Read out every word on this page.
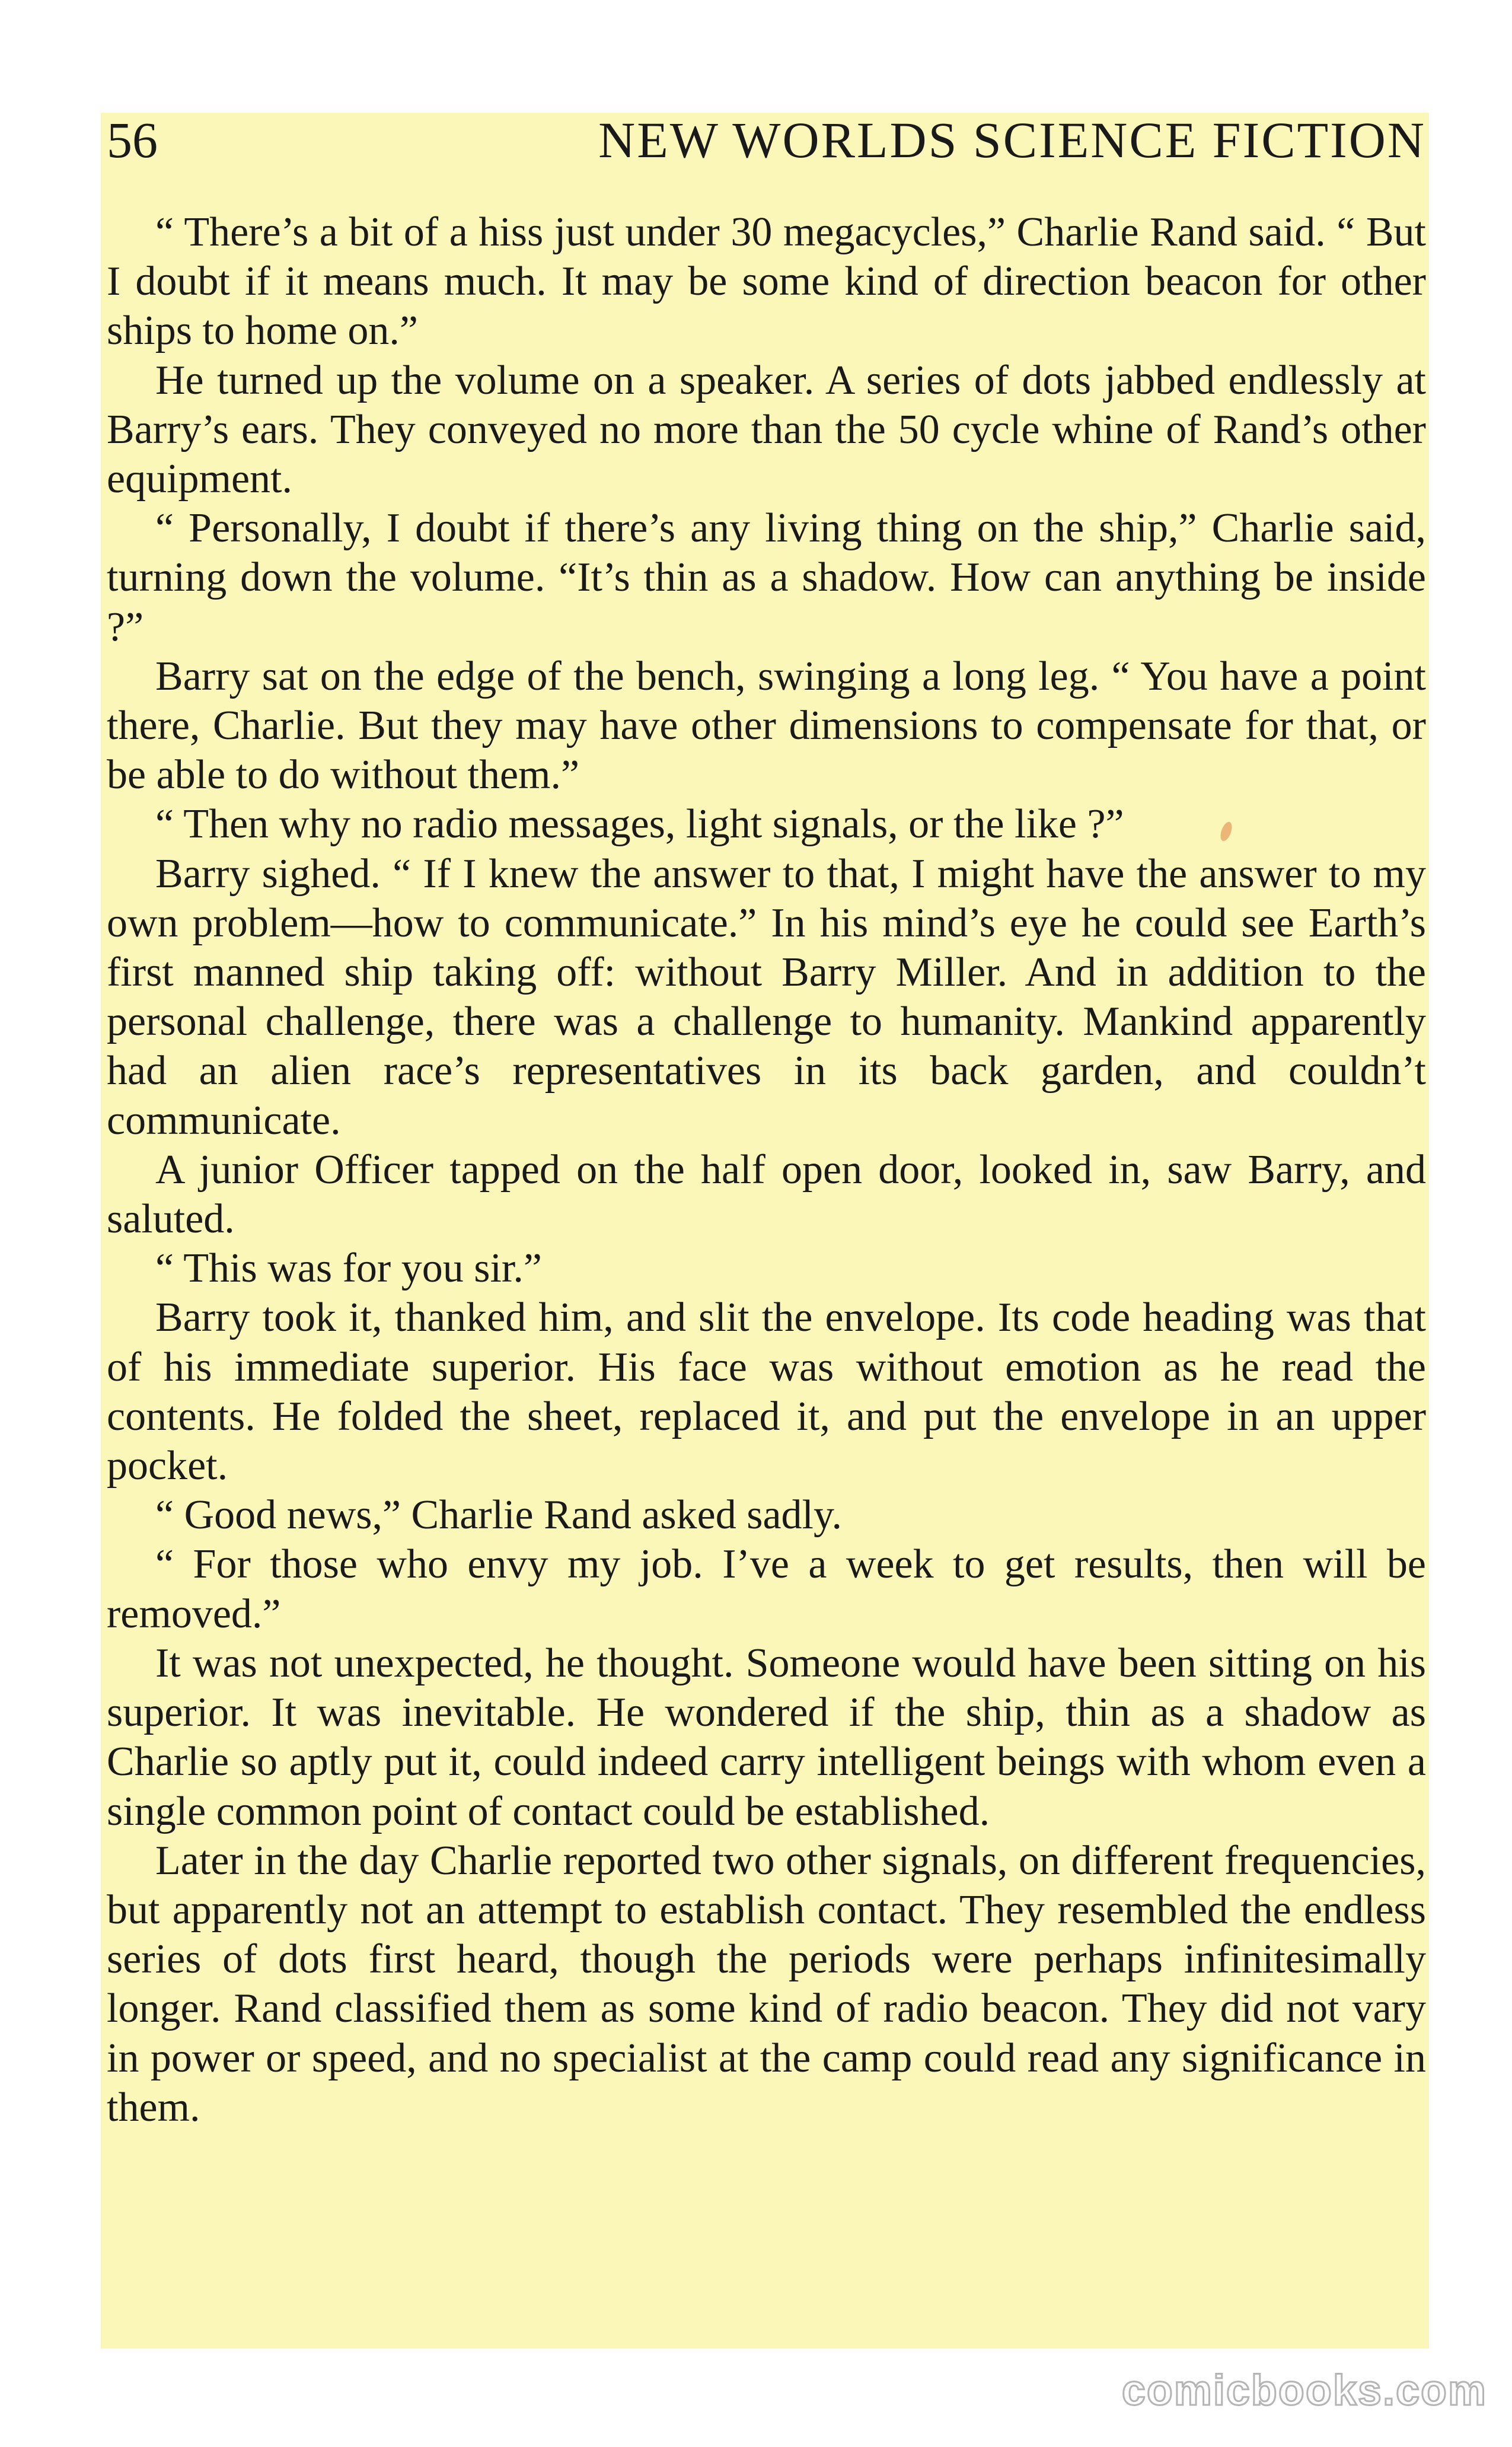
56	NEW WORLDS SCIENCE FICTION

“ There’s a bit of a hiss just under 30 megacycles,” Charlie Rand said. “ But I doubt if it means much. It may be some kind of direction beacon for other ships to home on.”

He turned up the volume on a speaker. A series of dots jabbed endlessly at Barry’s ears. They conveyed no more than the 50 cycle whine of Rand’s other equipment.

“ Personally, I doubt if there’s any living thing on the ship,” Charlie said, turning down the volume. “It’s thin as a shadow. How can anything be inside ?”

Barry sat on the edge of the bench, swinging a long leg. “ You have a point there, Charlie. But they may have other dimensions to compensate for that, or be able to do without them.”

“ Then why no radio messages, light signals, or the like ?”

Barry sighed. “ If I knew the answer to that, I might have the answer to my own problem—how to communicate.” In his mind’s eye he could see Earth’s first manned ship taking off: without Barry Miller. And in addition to the personal challenge, there was a challenge to humanity. Mankind apparently had an alien race’s representatives in its back garden, and couldn’t communicate.

A junior Officer tapped on the half open door, looked in, saw Barry, and saluted.

“ This was for you sir.”

Barry took it, thanked him, and slit the envelope. Its code heading was that of his immediate superior. His face was without emotion as he read the contents. He folded the sheet, replaced it, and put the envelope in an upper pocket.

“ Good news,” Charlie Rand asked sadly.

“ For those who envy my job. I’ve a week to get results, then will be removed.”

It was not unexpected, he thought. Someone would have been sitting on his superior. It was inevitable. He wondered if the ship, thin as a shadow as Charlie so aptly put it, could indeed carry intelligent beings with whom even a single common point of contact could be established.

Later in the day Charlie reported two other signals, on different frequencies, but apparently not an attempt to establish contact. They resembled the endless series of dots first heard, though the periods were perhaps infinitesimally longer. Rand classified them as some kind of radio beacon. They did not vary in power or speed, and no specialist at the camp could read any significance in them.

comicbooks.com
